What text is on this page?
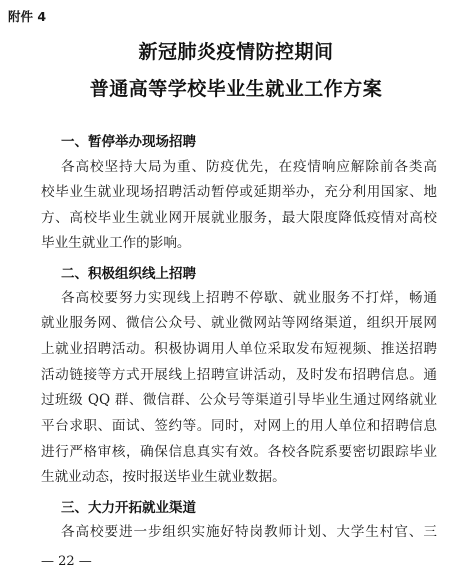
附件 4
新冠肺炎疫情防控期间
普通高等学校毕业生就业工作方案
一、暂停举办现场招聘
各高校坚持大局为重、防疫优先，在疫情响应解除前各类高
校毕业生就业现场招聘活动暂停或延期举办，充分利用国家、地
方、高校毕业生就业网开展就业服务，最大限度降低疫情对高校
毕业生就业工作的影响。
二、积极组织线上招聘
各高校要努力实现线上招聘不停歇、就业服务不打烊，畅通
就业服务网、微信公众号、就业微网站等网络渠道，组织开展网
上就业招聘活动。积极协调用人单位采取发布短视频、推送招聘
活动链接等方式开展线上招聘宣讲活动，及时发布招聘信息。通
过班级 QQ 群、微信群、公众号等渠道引导毕业生通过网络就业
平台求职、面试、签约等。同时，对网上的用人单位和招聘信息
进行严格审核，确保信息真实有效。各校各院系要密切跟踪毕业
生就业动态，按时报送毕业生就业数据。
三、大力开拓就业渠道
各高校要进一步组织实施好特岗教师计划、大学生村官、三
— 22 —
